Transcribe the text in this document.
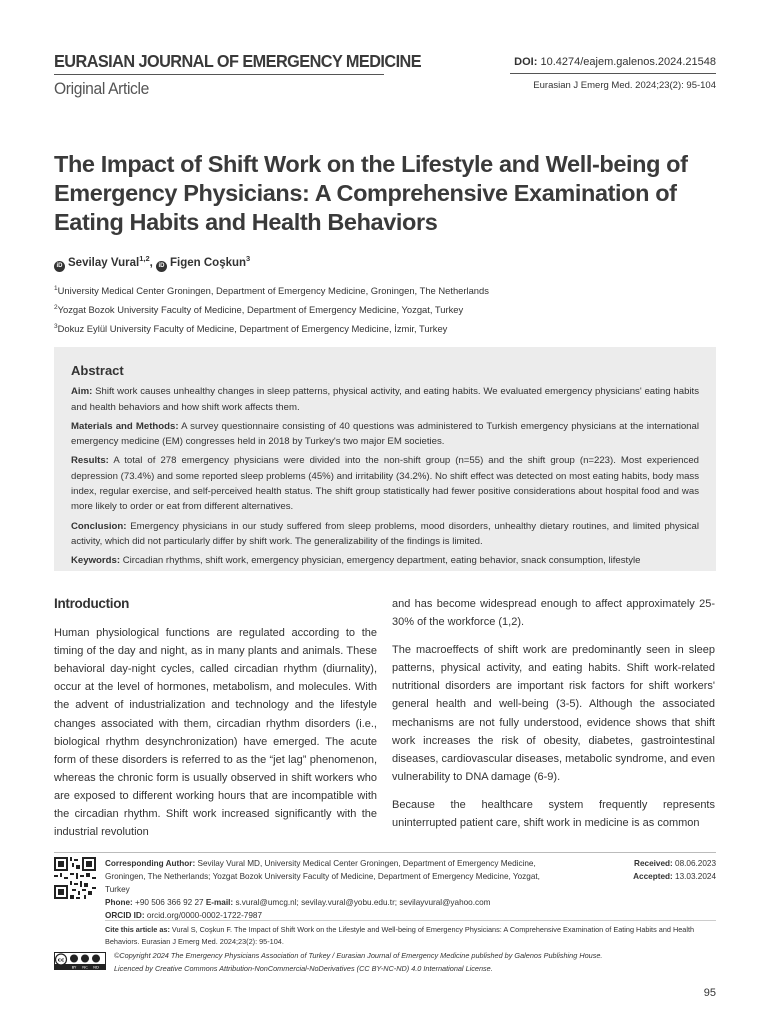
EURASIAN JOURNAL OF EMERGENCY MEDICINE
Original Article
DOI: 10.4274/eajem.galenos.2024.21548
Eurasian J Emerg Med. 2024;23(2): 95-104
The Impact of Shift Work on the Lifestyle and Well-being of Emergency Physicians: A Comprehensive Examination of Eating Habits and Health Behaviors
iD Sevilay Vural$^{1,2}$, iD Figen Coşkun$^3$
$^1$University Medical Center Groningen, Department of Emergency Medicine, Groningen, The Netherlands
$^2$Yozgat Bozok University Faculty of Medicine, Department of Emergency Medicine, Yozgat, Turkey
$^3$Dokuz Eylül University Faculty of Medicine, Department of Emergency Medicine, İzmir, Turkey
Abstract

Aim: Shift work causes unhealthy changes in sleep patterns, physical activity, and eating habits. We evaluated emergency physicians' eating habits and health behaviors and how shift work affects them.

Materials and Methods: A survey questionnaire consisting of 40 questions was administered to Turkish emergency physicians at the international emergency medicine (EM) congresses held in 2018 by Turkey's two major EM societies.

Results: A total of 278 emergency physicians were divided into the non-shift group (n=55) and the shift group (n=223). Most experienced depression (73.4%) and some reported sleep problems (45%) and irritability (34.2%). No shift effect was detected on most eating habits, body mass index, regular exercise, and self-perceived health status. The shift group statistically had fewer positive considerations about hospital food and was more likely to order or eat from different alternatives.

Conclusion: Emergency physicians in our study suffered from sleep problems, mood disorders, unhealthy dietary routines, and limited physical activity, which did not particularly differ by shift work. The generalizability of the findings is limited.

Keywords: Circadian rhythms, shift work, emergency physician, emergency department, eating behavior, snack consumption, lifestyle

Introduction

Human physiological functions are regulated according to the timing of the day and night, as in many plants and animals. These behavioral day-night cycles, called circadian rhythm (diurnality), occur at the level of hormones, metabolism, and molecules. With the advent of industrialization and technology and the lifestyle changes associated with them, circadian rhythm disorders (i.e., biological rhythm desynchronization) have emerged. The acute form of these disorders is referred to as the “jet lag” phenomenon, whereas the chronic form is usually observed in shift workers who are exposed to different working hours that are incompatible with the circadian rhythm. Shift work increased significantly with the industrial revolution

and has become widespread enough to affect approximately 25-30% of the workforce (1,2).

The macroeffects of shift work are predominantly seen in sleep patterns, physical activity, and eating habits. Shift work-related nutritional disorders are important risk factors for shift workers' general health and well-being (3-5). Although the associated mechanisms are not fully understood, evidence shows that shift work increases the risk of obesity, diabetes, gastrointestinal diseases, cardiovascular diseases, metabolic syndrome, and even vulnerability to DNA damage (6-9).

Because the healthcare system frequently represents uninterrupted patient care, shift work in medicine is as common

Corresponding Author: Sevilay Vural MD, University Medical Center Groningen, Department of Emergency Medicine, Groningen, The Netherlands; Yozgat Bozok University Faculty of Medicine, Department of Emergency Medicine, Yozgat, Turkey
Phone: +90 506 366 92 27 E-mail: s.vural@umcg.nl; sevilay.vural@yobu.edu.tr; sevilayvural@yahoo.com
ORCID ID: orcid.org/0000-0002-1722-7987
Received: 08.06.2023
Accepted: 13.03.2024
Cite this article as: Vural S, Coşkun F. The Impact of Shift Work on the Lifestyle and Well-being of Emergency Physicians: A Comprehensive Examination of Eating Habits and Health Behaviors. Eurasian J Emerg Med. 2024;23(2): 95-104.
cc
BY NC ND
©Copyright 2024 The Emergency Physicians Association of Turkey / Eurasian Journal of Emergency Medicine published by Galenos Publishing House.
Licenced by Creative Commons Attribution-NonCommercial-NoDerivatives (CC BY-NC-ND) 4.0 International License.
95
